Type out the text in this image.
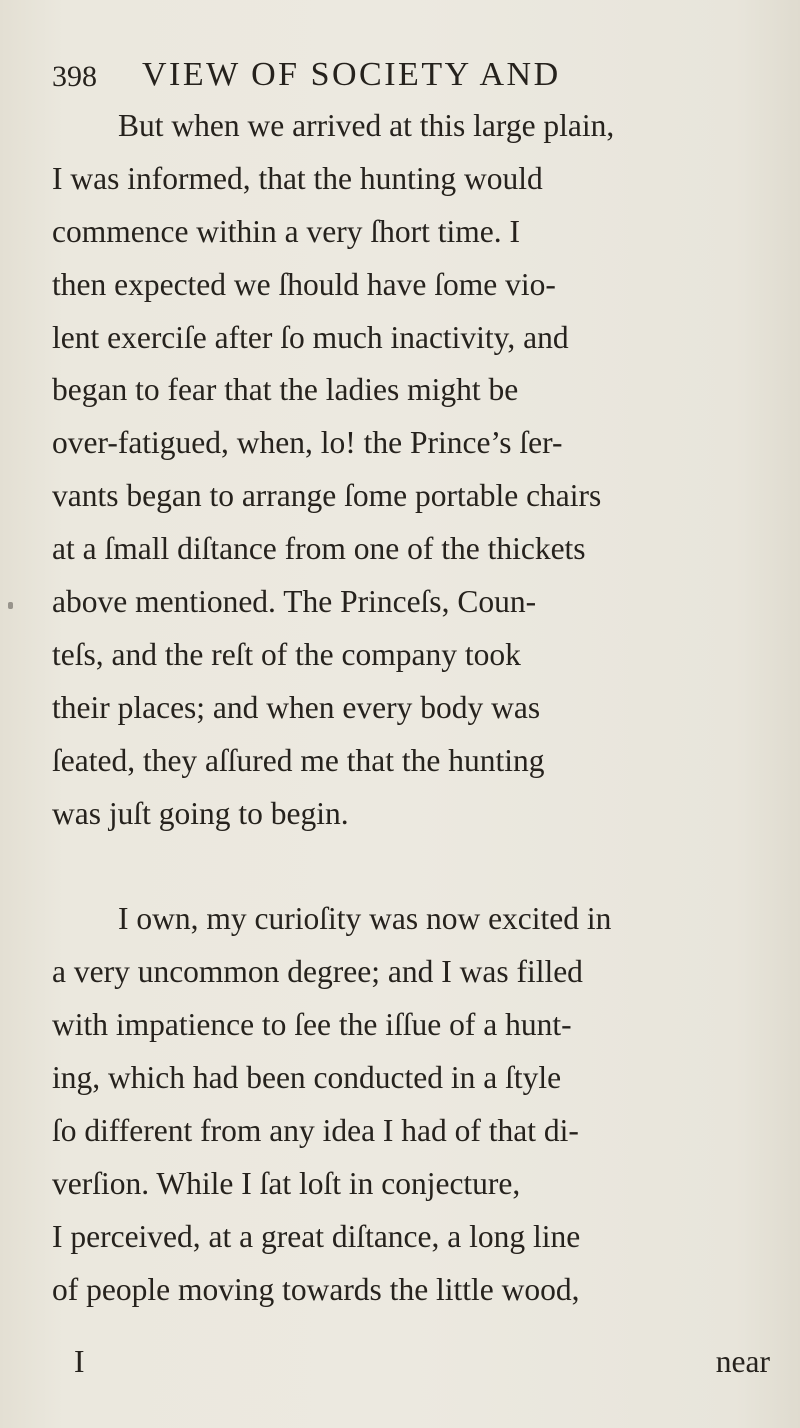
398 VIEW OF SOCIETY AND
But when we arrived at this large plain,
I was informed, that the hunting would
commence within a very ſhort time. I
then expected we ſhould have ſome vio-
lent exerciſe after ſo much inactivity, and
began to fear that the ladies might be
over-fatigued, when, lo! the Prince’s ſer-
vants began to arrange ſome portable chairs
at a ſmall diſtance from one of the thickets
above mentioned. The Princeſs, Coun-
teſs, and the reſt of the company took
their places; and when every body was
ſeated, they aſſured me that the hunting
was juſt going to begin.
I own, my curioſity was now excited in
a very uncommon degree; and I was filled
with impatience to ſee the iſſue of a hunt-
ing, which had been conducted in a ſtyle
ſo different from any idea I had of that di-
verſion. While I ſat loſt in conjecture,
I perceived, at a great diſtance, a long line
of people moving towards the little wood,
I	near
